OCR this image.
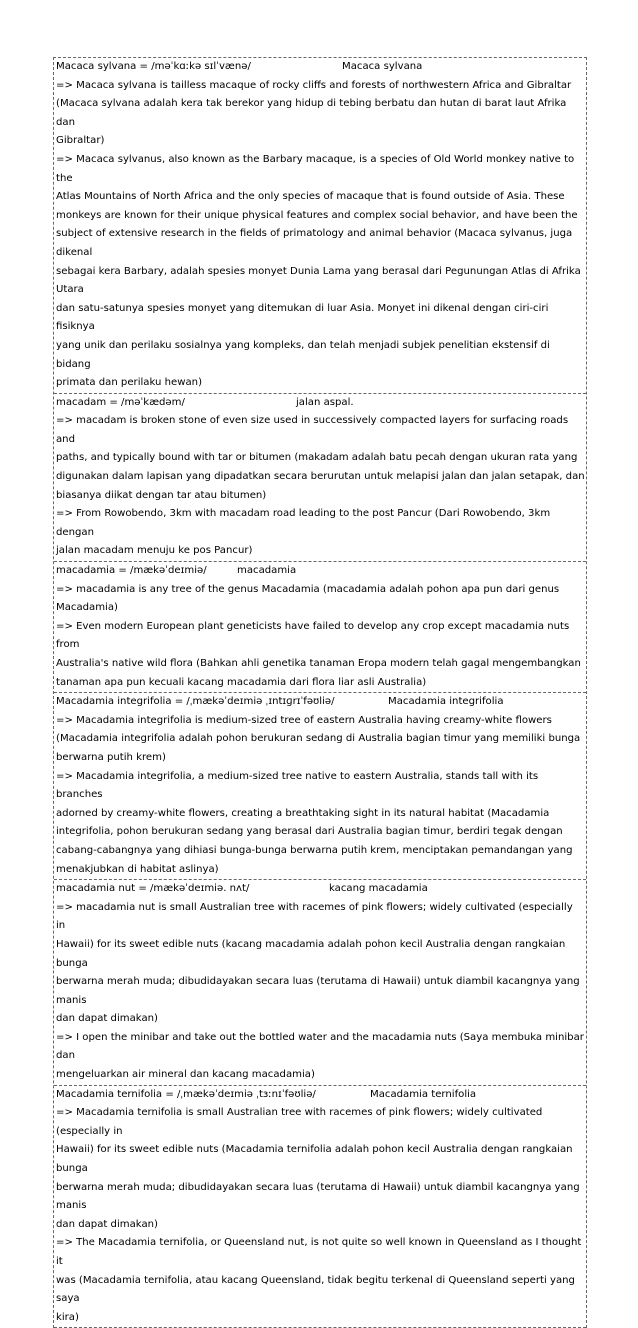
Macaca sylvana = /məˈkɑːkə sɪlˈvænə/	Macaca sylvana
=> Macaca sylvana is tailless macaque of rocky cliffs and forests of northwestern Africa and Gibraltar
(Macaca sylvana adalah kera tak berekor yang hidup di tebing berbatu dan hutan di barat laut Afrika dan
Gibraltar)
=> Macaca sylvanus, also known as the Barbary macaque, is a species of Old World monkey native to the
Atlas Mountains of North Africa and the only species of macaque that is found outside of Asia. These
monkeys are known for their unique physical features and complex social behavior, and have been the
subject of extensive research in the fields of primatology and animal behavior (Macaca sylvanus, juga dikenal
sebagai kera Barbary, adalah spesies monyet Dunia Lama yang berasal dari Pegunungan Atlas di Afrika Utara
dan satu-satunya spesies monyet yang ditemukan di luar Asia. Monyet ini dikenal dengan ciri-ciri fisiknya
yang unik dan perilaku sosialnya yang kompleks, dan telah menjadi subjek penelitian ekstensif di bidang
primata dan perilaku hewan)
macadam = /məˈkædəm/	jalan aspal.
=> macadam is broken stone of even size used in successively compacted layers for surfacing roads and
paths, and typically bound with tar or bitumen (makadam adalah batu pecah dengan ukuran rata yang
digunakan dalam lapisan yang dipadatkan secara berurutan untuk melapisi jalan dan jalan setapak, dan
biasanya diikat dengan tar atau bitumen)
=> From Rowobendo, 3km with macadam road leading to the post Pancur (Dari Rowobendo, 3km dengan
jalan macadam menuju ke pos Pancur)
macadamia = /mækəˈdeɪmiə/	macadamia
=> macadamia is any tree of the genus Macadamia (macadamia adalah pohon apa pun dari genus
Macadamia)
=> Even modern European plant geneticists have failed to develop any crop except macadamia nuts from
Australia's native wild flora (Bahkan ahli genetika tanaman Eropa modern telah gagal mengembangkan
tanaman apa pun kecuali kacang macadamia dari flora liar asli Australia)
Macadamia integrifolia = /ˌmækəˈdeɪmiə ˌɪntɪɡrɪˈfəʊliə/	Macadamia integrifolia
=> Macadamia integrifolia is medium-sized tree of eastern Australia having creamy-white flowers
(Macadamia integrifolia adalah pohon berukuran sedang di Australia bagian timur yang memiliki bunga
berwarna putih krem)
=> Macadamia integrifolia, a medium-sized tree native to eastern Australia, stands tall with its branches
adorned by creamy-white flowers, creating a breathtaking sight in its natural habitat (Macadamia
integrifolia, pohon berukuran sedang yang berasal dari Australia bagian timur, berdiri tegak dengan
cabang-cabangnya yang dihiasi bunga-bunga berwarna putih krem, menciptakan pemandangan yang
menakjubkan di habitat aslinya)
macadamia nut = /mækəˈdeɪmiə. nʌt/	kacang macadamia
=> macadamia nut is small Australian tree with racemes of pink flowers; widely cultivated (especially in
Hawaii) for its sweet edible nuts (kacang macadamia adalah pohon kecil Australia dengan rangkaian bunga
berwarna merah muda; dibudidayakan secara luas (terutama di Hawaii) untuk diambil kacangnya yang manis
dan dapat dimakan)
=> I open the minibar and take out the bottled water and the macadamia nuts (Saya membuka minibar dan
mengeluarkan air mineral dan kacang macadamia)
Macadamia ternifolia = /ˌmækəˈdeɪmiə ˌtɜːnɪˈfəʊliə/	Macadamia ternifolia
=> Macadamia ternifolia is small Australian tree with racemes of pink flowers; widely cultivated (especially in
Hawaii) for its sweet edible nuts (Macadamia ternifolia adalah pohon kecil Australia dengan rangkaian bunga
berwarna merah muda; dibudidayakan secara luas (terutama di Hawaii) untuk diambil kacangnya yang manis
dan dapat dimakan)
=> The Macadamia ternifolia, or Queensland nut, is not quite so well known in Queensland as I thought it
was (Macadamia ternifolia, atau kacang Queensland, tidak begitu terkenal di Queensland seperti yang saya
kira)
